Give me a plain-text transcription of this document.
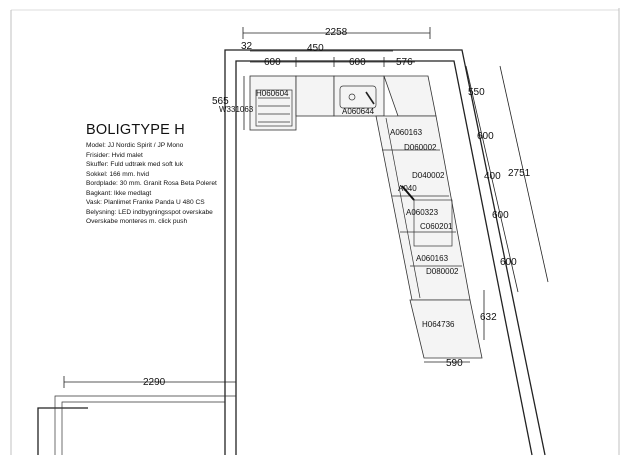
2258
32	450
600	600	576
565
2290
550
600
400
600
600
2751
632
590
H060604
W331063	A060644
A060163
D060002
D040002
A040
A060323
C060201
A060163
D080002
H064736
BOLIGTYPE H
Model: JJ Nordic Spirit / JP Mono
Frisider: Hvid malet
Skuffer: Fuld udtræk med soft luk
Sokkel: 166 mm. hvid
Bordplade: 30 mm. Granit Rosa Beta Poleret
Bagkant: Ikke medlagt
Vask: Planlimet Franke Panda U 480 CS
Belysning: LED indbygningsspot overskabe
Overskabe monteres m. click push
